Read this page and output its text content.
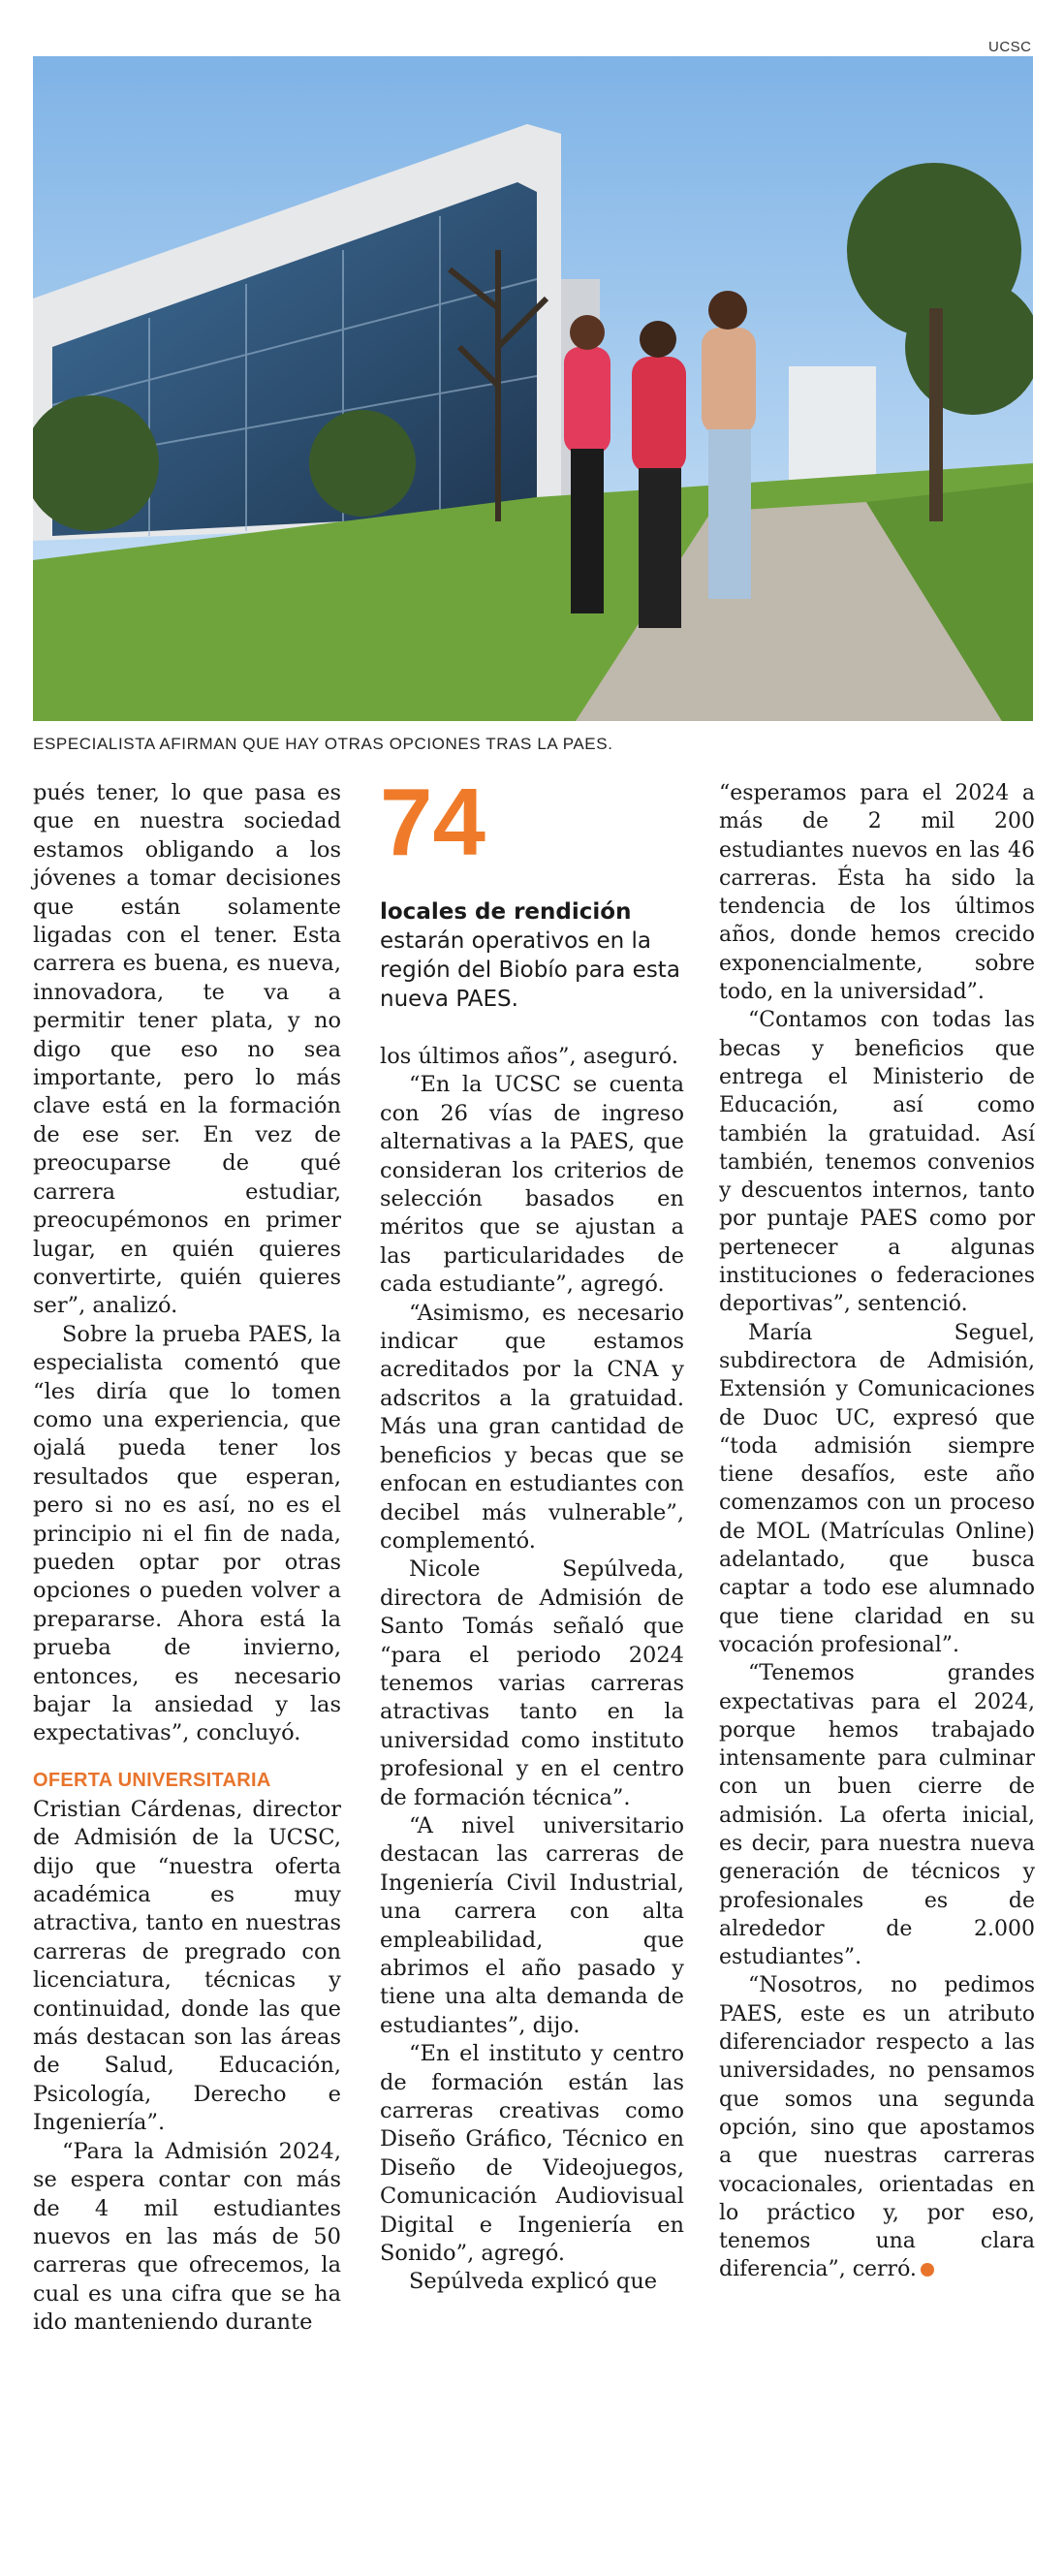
UCSC
ESPECIALISTA AFIRMAN QUE HAY OTRAS OPCIONES TRAS LA PAES.

pués tener, lo que pasa es que en nuestra sociedad estamos obligando a los jóvenes a tomar decisiones que están solamente ligadas con el tener. Esta carrera es buena, es nueva, innovadora, te va a permitir tener plata, y no digo que eso no sea importante, pero lo más clave está en la formación de ese ser. En vez de preocuparse de qué carrera estudiar, preocupémonos en primer lugar, en quién quieres convertirte, quién quieres ser”, analizó.

Sobre la prueba PAES, la especialista comentó que “les diría que lo tomen como una experiencia, que ojalá pueda tener los resultados que esperan, pero si no es así, no es el principio ni el fin de nada, pueden optar por otras opciones o pueden volver a prepararse. Ahora está la prueba de invierno, entonces, es necesario bajar la ansiedad y las expectativas”, concluyó.

OFERTA UNIVERSITARIA

Cristian Cárdenas, director de Admisión de la UCSC, dijo que “nuestra oferta académica es muy atractiva, tanto en nuestras carreras de pregrado con licenciatura, técnicas y continuidad, donde las que más destacan son las áreas de Salud, Educación, Psicología, Derecho e Ingeniería”.

“Para la Admisión 2024, se espera contar con más de 4 mil estudiantes nuevos en las más de 50 carreras que ofrecemos, la cual es una cifra que se ha ido manteniendo durante

74
locales de rendición estarán operativos en la región del Biobío para esta nueva PAES.

los últimos años”, aseguró.

“En la UCSC se cuenta con 26 vías de ingreso alternativas a la PAES, que consideran los criterios de selección basados en méritos que se ajustan a las particularidades de cada estudiante”, agregó.

“Asimismo, es necesario indicar que estamos acreditados por la CNA y adscritos a la gratuidad. Más una gran cantidad de beneficios y becas que se enfocan en estudiantes con decibel más vulnerable”, complementó.

Nicole Sepúlveda, directora de Admisión de Santo Tomás señaló que “para el periodo 2024 tenemos varias carreras atractivas tanto en la universidad como instituto profesional y en el centro de formación técnica”.

“A nivel universitario destacan las carreras de Ingeniería Civil Industrial, una carrera con alta empleabilidad, que abrimos el año pasado y tiene una alta demanda de estudiantes”, dijo.

“En el instituto y centro de formación están las carreras creativas como Diseño Gráfico, Técnico en Diseño de Videojuegos, Comunicación Audiovisual Digital e Ingeniería en Sonido”, agregó.

Sepúlveda explicó que

“esperamos para el 2024 a más de 2 mil 200 estudiantes nuevos en las 46 carreras. Ésta ha sido la tendencia de los últimos años, donde hemos crecido exponencialmente, sobre todo, en la universidad”.

“Contamos con todas las becas y beneficios que entrega el Ministerio de Educación, así como también la gratuidad. Así también, tenemos convenios y descuentos internos, tanto por puntaje PAES como por pertenecer a algunas instituciones o federaciones deportivas”, sentenció.

María Seguel, subdirectora de Admisión, Extensión y Comunicaciones de Duoc UC, expresó que “toda admisión siempre tiene desafíos, este año comenzamos con un proceso de MOL (Matrículas Online) adelantado, que busca captar a todo ese alumnado que tiene claridad en su vocación profesional”.

“Tenemos grandes expectativas para el 2024, porque hemos trabajado intensamente para culminar con un buen cierre de admisión. La oferta inicial, es decir, para nuestra nueva generación de técnicos y profesionales es de alrededor de 2.000 estudiantes”.

“Nosotros, no pedimos PAES, este es un atributo diferenciador respecto a las universidades, no pensamos que somos una segunda opción, sino que apostamos a que nuestras carreras vocacionales, orientadas en lo práctico y, por eso, tenemos una clara diferencia”, cerró.
